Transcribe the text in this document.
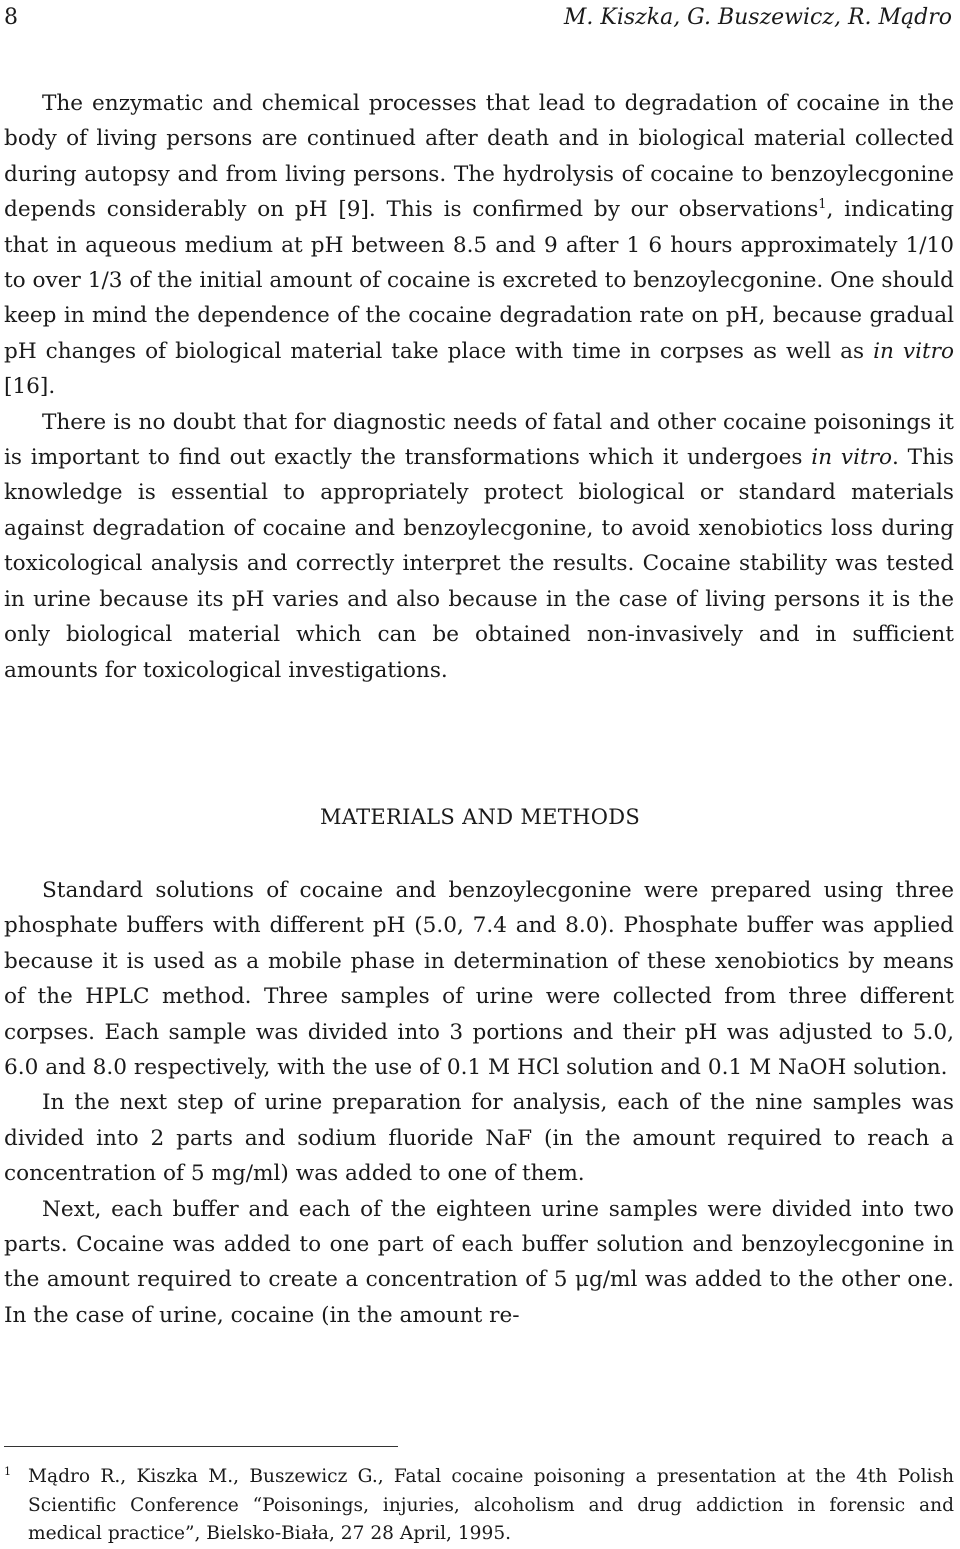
8	M. Kiszka, G. Buszewicz, R. Mądro

The enzymatic and chemical processes that lead to degradation of cocaine in the body of living persons are continued after death and in biological material collected during autopsy and from living persons. The hydrolysis of cocaine to benzoylecgonine depends considerably on pH [9]. This is confirmed by our observations$^1$, indicating that in aqueous medium at pH between 8.5 and 9 after 1 6 hours approximately 1/10 to over 1/3 of the initial amount of cocaine is excreted to benzoylecgonine. One should keep in mind the dependence of the cocaine degradation rate on pH, because gradual pH changes of biological material take place with time in corpses as well as in vitro [16].

There is no doubt that for diagnostic needs of fatal and other cocaine poisonings it is important to find out exactly the transformations which it undergoes in vitro. This knowledge is essential to appropriately protect biological or standard materials against degradation of cocaine and benzoylecgonine, to avoid xenobiotics loss during toxicological analysis and correctly interpret the results. Cocaine stability was tested in urine because its pH varies and also because in the case of living persons it is the only biological material which can be obtained non-invasively and in sufficient amounts for toxicological investigations.

MATERIALS AND METHODS

Standard solutions of cocaine and benzoylecgonine were prepared using three phosphate buffers with different pH (5.0, 7.4 and 8.0). Phosphate buffer was applied because it is used as a mobile phase in determination of these xenobiotics by means of the HPLC method. Three samples of urine were collected from three different corpses. Each sample was divided into 3 portions and their pH was adjusted to 5.0, 6.0 and 8.0 respectively, with the use of 0.1 M HCl solution and 0.1 M NaOH solution.

In the next step of urine preparation for analysis, each of the nine samples was divided into 2 parts and sodium fluoride NaF (in the amount required to reach a concentration of 5 mg/ml) was added to one of them.

Next, each buffer and each of the eighteen urine samples were divided into two parts. Cocaine was added to one part of each buffer solution and benzoylecgonine in the amount required to create a concentration of 5 μg/ml was added to the other one. In the case of urine, cocaine (in the amount re-

1 Mądro R., Kiszka M., Buszewicz G., Fatal cocaine poisoning a presentation at the 4th Polish Scientific Conference “Poisonings, injuries, alcoholism and drug addiction in forensic and medical practice”, Bielsko-Biała, 27 28 April, 1995.
